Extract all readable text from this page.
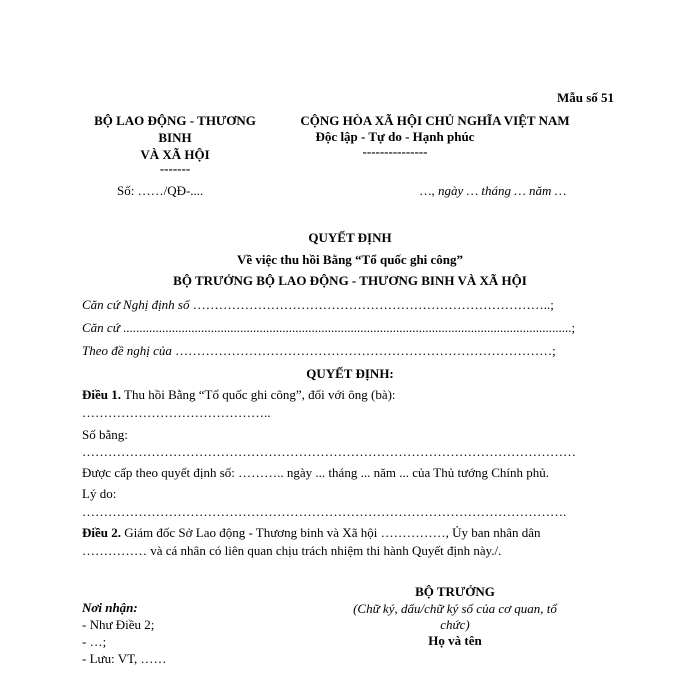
Mẫu số 51
BỘ LAO ĐỘNG - THƯƠNG
BINH
VÀ XÃ HỘI
-------
Số: ……/QĐ-....
CỘNG HÒA XÃ HỘI CHỦ NGHĨA VIỆT NAM
Độc lập - Tự do - Hạnh phúc
---------------
…, ngày … tháng … năm …
QUYẾT ĐỊNH
Về việc thu hồi Bằng “Tổ quốc ghi công”
BỘ TRƯỞNG BỘ LAO ĐỘNG - THƯƠNG BINH VÀ XÃ HỘI
Căn cứ Nghị định số ………………………………………………………………………..;
Căn cứ ..........................................................................................................................................;
Theo đề nghị của ……………………………………………………………………………;
QUYẾT ĐỊNH:
Điều 1. Thu hồi Bằng “Tổ quốc ghi công”, đối với ông (bà):
……………………………………..
Số bằng:
……………………………………………………………………………………………………
Được cấp theo quyết định số: ……….. ngày ... tháng ... năm ... của Thủ tướng Chính phủ.
Lý do:
………………………………………………………………………………………………….
Điều 2. Giám đốc Sở Lao động - Thương binh và Xã hội ……………, Ủy ban nhân dân
…………… và cá nhân có liên quan chịu trách nhiệm thi hành Quyết định này./.
Nơi nhận:
- Như Điều 2;
- …;
- Lưu: VT, ……
BỘ TRƯỞNG
(Chữ ký, dấu/chữ ký số của cơ quan, tổ
chức)
Họ và tên
